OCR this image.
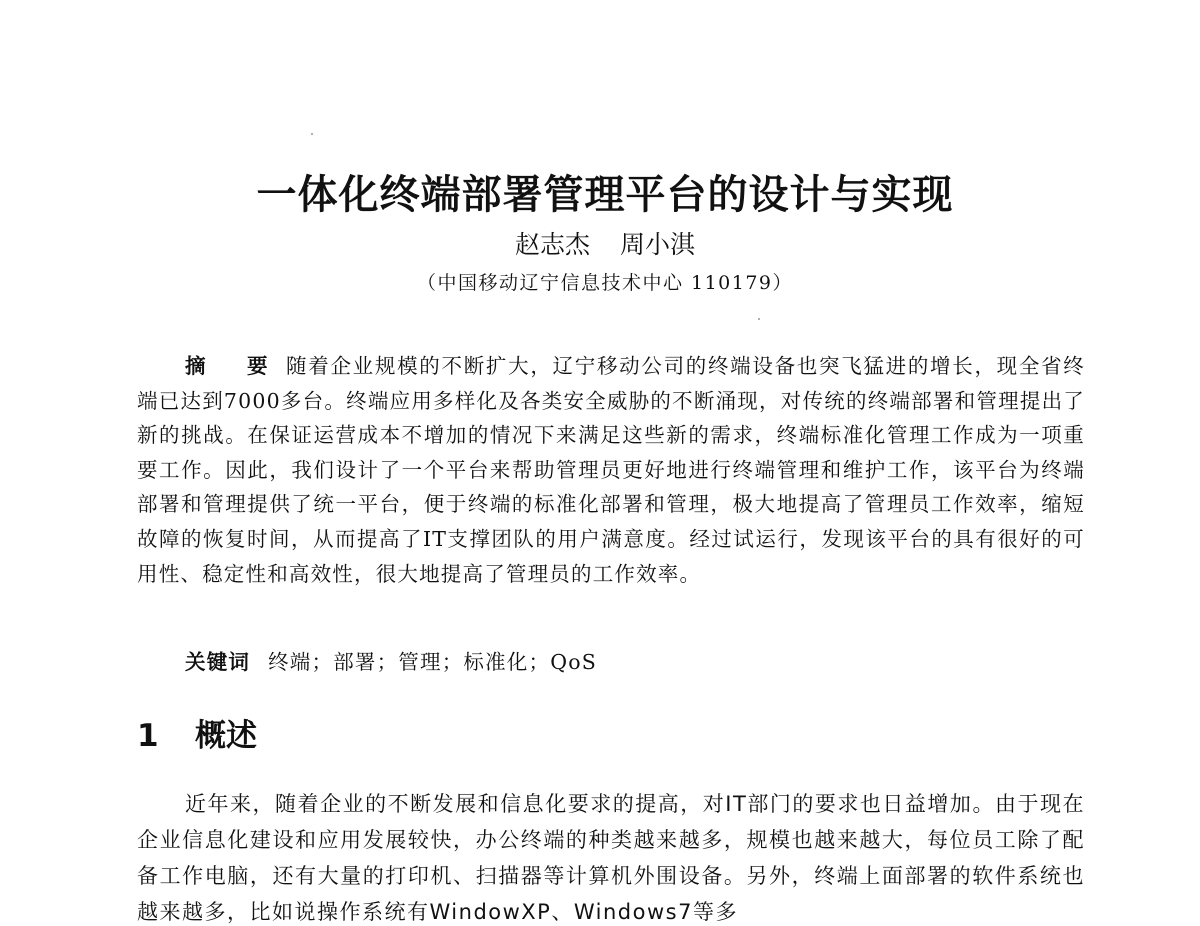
一体化终端部署管理平台的设计与实现
赵志杰 周小淇
（中国移动辽宁信息技术中心 110179）

摘　要 随着企业规模的不断扩大，辽宁移动公司的终端设备也突飞猛进的增长，现全省终端已达到7000多台。终端应用多样化及各类安全威胁的不断涌现，对传统的终端部署和管理提出了新的挑战。在保证运营成本不增加的情况下来满足这些新的需求，终端标准化管理工作成为一项重要工作。因此，我们设计了一个平台来帮助管理员更好地进行终端管理和维护工作，该平台为终端部署和管理提供了统一平台，便于终端的标准化部署和管理，极大地提高了管理员工作效率，缩短故障的恢复时间，从而提高了IT支撑团队的用户满意度。经过试运行，发现该平台的具有很好的可用性、稳定性和高效性，很大地提高了管理员的工作效率。

关键词 终端；部署；管理；标准化；QoS
1 概述

近年来，随着企业的不断发展和信息化要求的提高，对IT部门的要求也日益增加。由于现在企业信息化建设和应用发展较快，办公终端的种类越来越多，规模也越来越大，每位员工除了配备工作电脑，还有大量的打印机、扫描器等计算机外围设备。另外，终端上面部署的软件系统也越来越多，比如说操作系统有WindowXP、Windows7等多
